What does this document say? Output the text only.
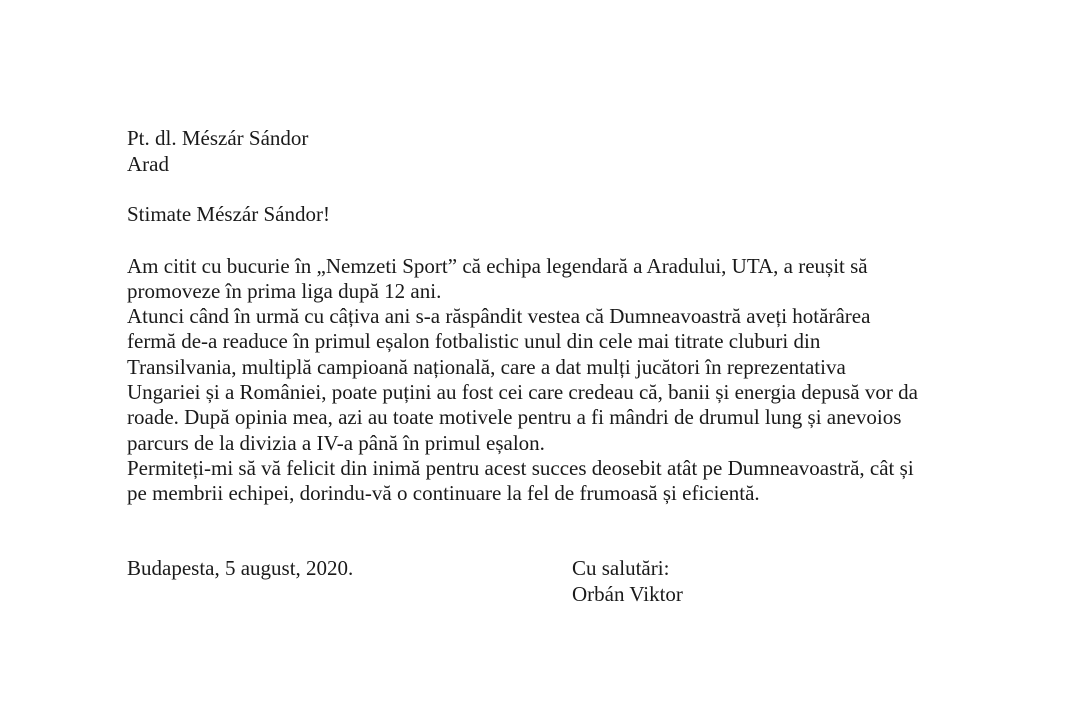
Pt. dl. Mészár Sándor
Arad
Stimate Mészár Sándor!
Am citit cu bucurie în „Nemzeti Sport” că echipa legendară a Aradului, UTA, a reușit să
promoveze în prima liga după 12 ani.
Atunci când în urmă cu câțiva ani s-a răspândit vestea că Dumneavoastră aveți hotărârea
fermă de-a readuce în primul eșalon fotbalistic unul din cele mai titrate cluburi din
Transilvania, multiplă campioană națională, care a dat mulți jucători în reprezentativa
Ungariei și a României, poate puțini au fost cei care credeau că, banii și energia depusă vor da
roade. După opinia mea, azi au toate motivele pentru a fi mândri de drumul lung și anevoios
parcurs de la divizia a IV-a până în primul eșalon.
Permiteți-mi să vă felicit din inimă pentru acest succes deosebit atât pe Dumneavoastră, cât și
pe membrii echipei, dorindu-vă o continuare la fel de frumoasă și eficientă.
Budapesta, 5 august, 2020.	Cu salutări:
Orbán Viktor
